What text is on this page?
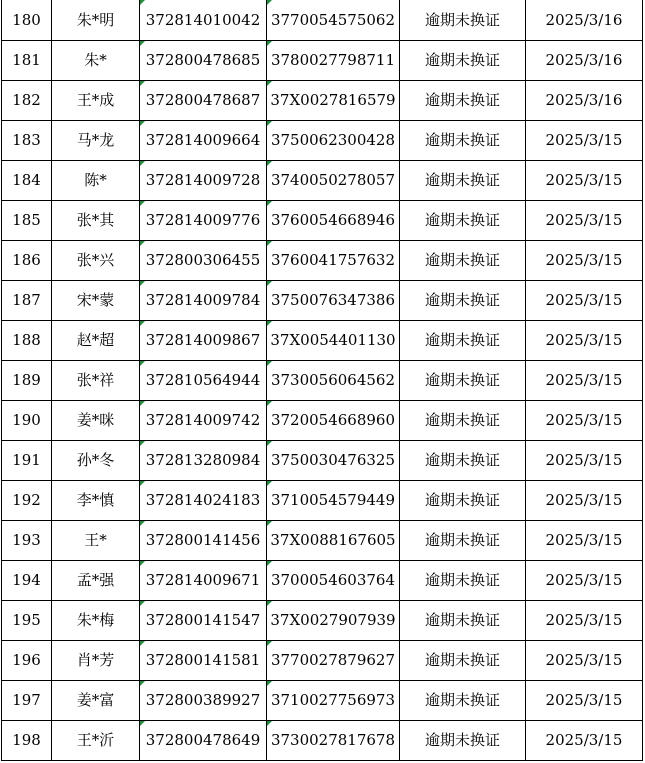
180	朱*明	372814010042	3770054575062	逾期未换证	2025/3/16
181	朱*	372800478685	3780027798711	逾期未换证	2025/3/16
182	王*成	372800478687	37X0027816579	逾期未换证	2025/3/16
183	马*龙	372814009664	3750062300428	逾期未换证	2025/3/15
184	陈*	372814009728	3740050278057	逾期未换证	2025/3/15
185	张*其	372814009776	3760054668946	逾期未换证	2025/3/15
186	张*兴	372800306455	3760041757632	逾期未换证	2025/3/15
187	宋*蒙	372814009784	3750076347386	逾期未换证	2025/3/15
188	赵*超	372814009867	37X0054401130	逾期未换证	2025/3/15
189	张*祥	372810564944	3730056064562	逾期未换证	2025/3/15
190	姜*咪	372814009742	3720054668960	逾期未换证	2025/3/15
191	孙*冬	372813280984	3750030476325	逾期未换证	2025/3/15
192	李*慎	372814024183	3710054579449	逾期未换证	2025/3/15
193	王*	372800141456	37X0088167605	逾期未换证	2025/3/15
194	孟*强	372814009671	3700054603764	逾期未换证	2025/3/15
195	朱*梅	372800141547	37X0027907939	逾期未换证	2025/3/15
196	肖*芳	372800141581	3770027879627	逾期未换证	2025/3/15
197	姜*富	372800389927	3710027756973	逾期未换证	2025/3/15
198	王*沂	372800478649	3730027817678	逾期未换证	2025/3/15
